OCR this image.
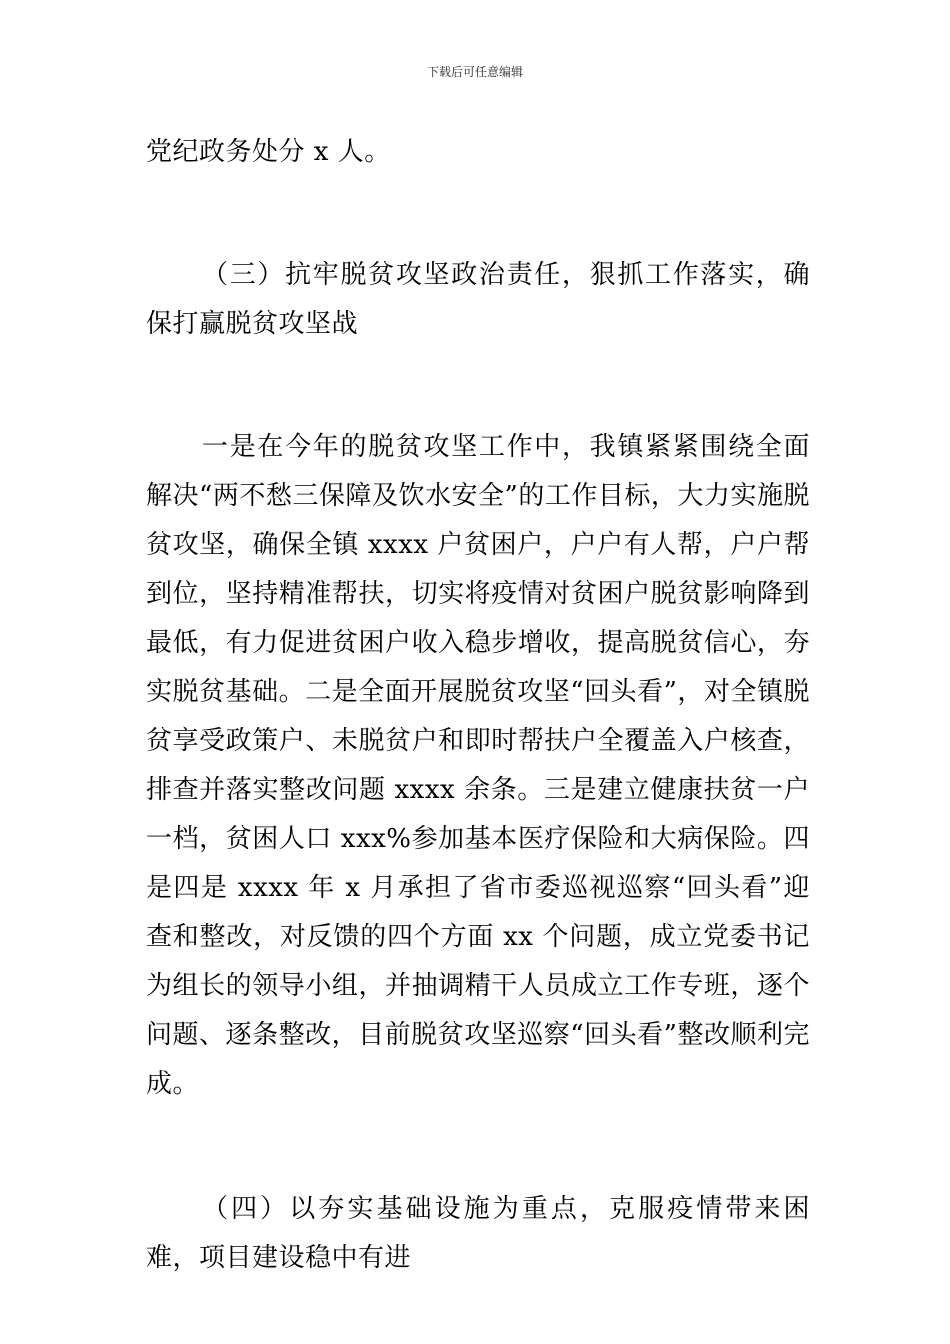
下载后可任意编辑

党纪政务处分 x 人。

（三）抗牢脱贫攻坚政治责任，狠抓工作落实，确保打赢脱贫攻坚战

一是在今年的脱贫攻坚工作中，我镇紧紧围绕全面解决“两不愁三保障及饮水安全”的工作目标，大力实施脱贫攻坚，确保全镇 xxxx 户贫困户，户户有人帮，户户帮到位，坚持精准帮扶，切实将疫情对贫困户脱贫影响降到最低，有力促进贫困户收入稳步增收，提高脱贫信心，夯实脱贫基础。二是全面开展脱贫攻坚“回头看”，对全镇脱贫享受政策户、未脱贫户和即时帮扶户全覆盖入户核查，排查并落实整改问题 xxxx 余条。三是建立健康扶贫一户一档，贫困人口 xxx%参加基本医疗保险和大病保险。四是四是 xxxx 年 x 月承担了省市委巡视巡察“回头看”迎查和整改，对反馈的四个方面 xx 个问题，成立党委书记为组长的领导小组，并抽调精干人员成立工作专班，逐个问题、逐条整改，目前脱贫攻坚巡察“回头看”整改顺利完成。

（四）以夯实基础设施为重点，克服疫情带来困难，项目建设稳中有进
